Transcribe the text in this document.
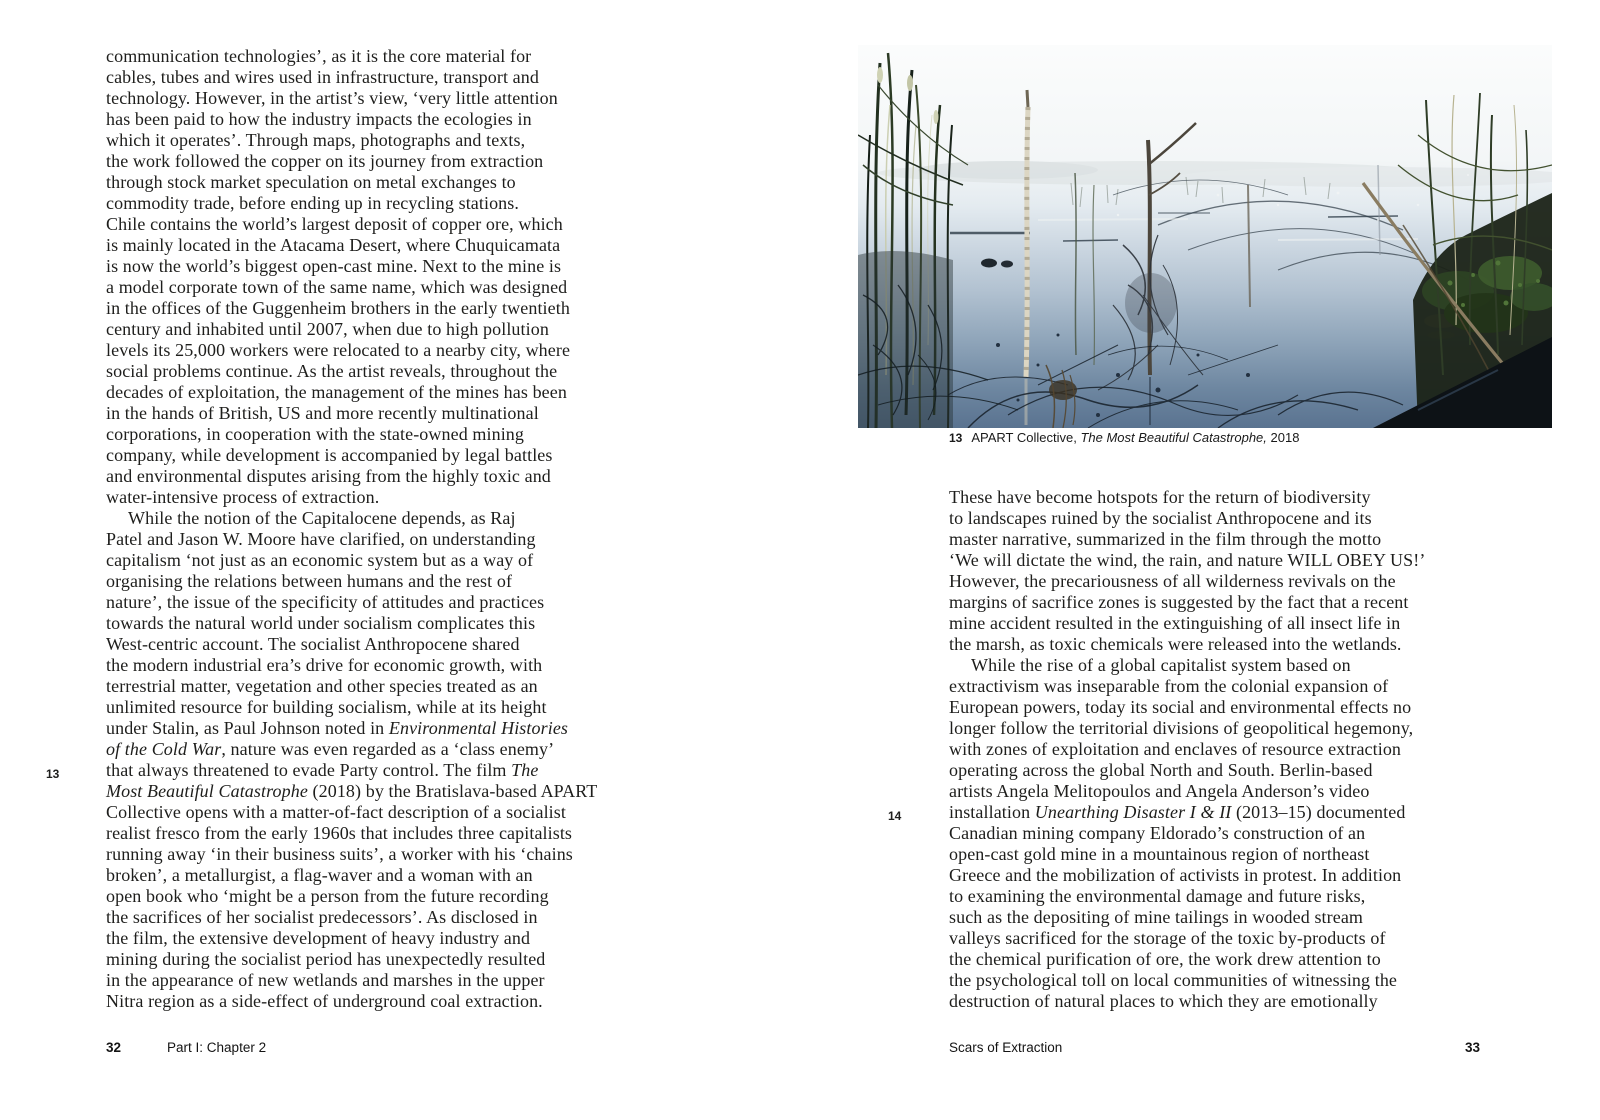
13
communication technologies’, as it is the core material for
cables, tubes and wires used in infrastructure, transport and
technology. However, in the artist’s view, ‘very little attention
has been paid to how the industry impacts the ecologies in
which it operates’. Through maps, photographs and texts,
the work followed the copper on its journey from extraction
through stock market speculation on metal exchanges to
commodity trade, before ending up in recycling stations.
Chile contains the world’s largest deposit of copper ore, which
is mainly located in the Atacama Desert, where Chuquicamata
is now the world’s biggest open-cast mine. Next to the mine is
a model corporate town of the same name, which was designed
in the offices of the Guggenheim brothers in the early twentieth
century and inhabited until 2007, when due to high pollution
levels its 25,000 workers were relocated to a nearby city, where
social problems continue. As the artist reveals, throughout the
decades of exploitation, the management of the mines has been
in the hands of British, US and more recently multinational
corporations, in cooperation with the state-owned mining
company, while development is accompanied by legal battles
and environmental disputes arising from the highly toxic and
water-intensive process of extraction.
While the notion of the Capitalocene depends, as Raj
Patel and Jason W. Moore have clarified, on understanding
capitalism ‘not just as an economic system but as a way of
organising the relations between humans and the rest of
nature’, the issue of the specificity of attitudes and practices
towards the natural world under socialism complicates this
West-centric account. The socialist Anthropocene shared
the modern industrial era’s drive for economic growth, with
terrestrial matter, vegetation and other species treated as an
unlimited resource for building socialism, while at its height
under Stalin, as Paul Johnson noted in Environmental Histories
of the Cold War, nature was even regarded as a ‘class enemy’
that always threatened to evade Party control. The film The
Most Beautiful Catastrophe (2018) by the Bratislava-based APART
Collective opens with a matter-of-fact description of a socialist
realist fresco from the early 1960s that includes three capitalists
running away ‘in their business suits’, a worker with his ‘chains
broken’, a metallurgist, a flag-waver and a woman with an
open book who ‘might be a person from the future recording
the sacrifices of her socialist predecessors’. As disclosed in
the film, the extensive development of heavy industry and
mining during the socialist period has unexpectedly resulted
in the appearance of new wetlands and marshes in the upper
Nitra region as a side-effect of underground coal extraction.
32	Part I: Chapter 2
13 APART Collective, The Most Beautiful Catastrophe, 2018
14
These have become hotspots for the return of biodiversity
to landscapes ruined by the socialist Anthropocene and its
master narrative, summarized in the film through the motto
‘We will dictate the wind, the rain, and nature WILL OBEY US!’
However, the precariousness of all wilderness revivals on the
margins of sacrifice zones is suggested by the fact that a recent
mine accident resulted in the extinguishing of all insect life in
the marsh, as toxic chemicals were released into the wetlands.
While the rise of a global capitalist system based on
extractivism was inseparable from the colonial expansion of
European powers, today its social and environmental effects no
longer follow the territorial divisions of geopolitical hegemony,
with zones of exploitation and enclaves of resource extraction
operating across the global North and South. Berlin-based
artists Angela Melitopoulos and Angela Anderson’s video
installation Unearthing Disaster I & II (2013–15) documented
Canadian mining company Eldorado’s construction of an
open-cast gold mine in a mountainous region of northeast
Greece and the mobilization of activists in protest. In addition
to examining the environmental damage and future risks,
such as the depositing of mine tailings in wooded stream
valleys sacrificed for the storage of the toxic by-products of
the chemical purification of ore, the work drew attention to
the psychological toll on local communities of witnessing the
destruction of natural places to which they are emotionally
Scars of Extraction	33
